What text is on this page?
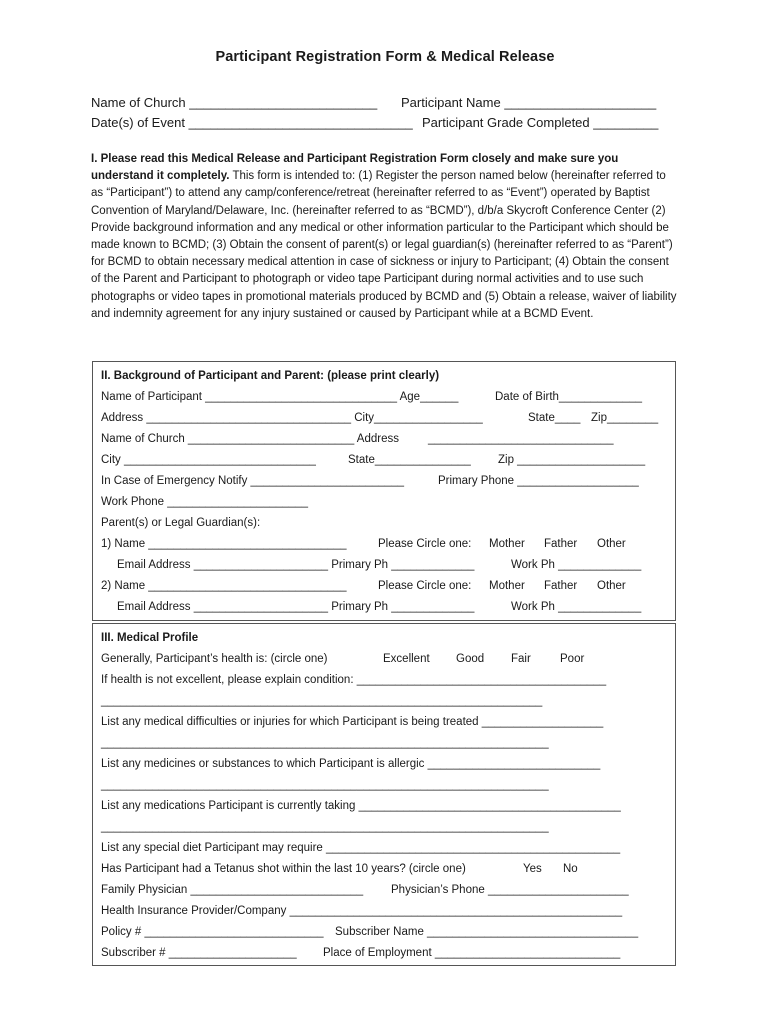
Participant Registration Form & Medical Release
Name of Church __________________________ Participant Name _____________________
Date(s) of Event _______________________________ Participant Grade Completed _________
I. Please read this Medical Release and Participant Registration Form closely and make sure you understand it completely. This form is intended to: (1) Register the person named below (hereinafter referred to as “Participant”) to attend any camp/conference/retreat (hereinafter referred to as “Event”) operated by Baptist Convention of Maryland/Delaware, Inc. (hereinafter referred to as “BCMD”), d/b/a Skycroft Conference Center (2) Provide background information and any medical or other information particular to the Participant which should be made known to BCMD; (3) Obtain the consent of parent(s) or legal guardian(s) (hereinafter referred to as “Parent”) for BCMD to obtain necessary medical attention in case of sickness or injury to Participant; (4) Obtain the consent of the Parent and Participant to photograph or video tape Participant during normal activities and to use such photographs or video tapes in promotional materials produced by BCMD and (5) Obtain a release, waiver of liability and indemnity agreement for any injury sustained or caused by Participant while at a BCMD Event.
II. Background of Participant and Parent: (please print clearly)
Name of Participant ______________________________ Age______	Date of Birth_____________
Address ________________________________ City_________________	State____ Zip________
Name of Church __________________________ Address	_____________________________
City ______________________________	State_______________ Zip ____________________
In Case of Emergency Notify ________________________	Primary Phone ___________________
Work Phone ______________________
Parent(s) or Legal Guardian(s):
1) Name _______________________________	Please Circle one: Mother Father Other
Email Address _____________________ Primary Ph _____________	Work Ph _____________
2) Name _______________________________	Please Circle one: Mother Father Other
Email Address _____________________ Primary Ph _____________	Work Ph _____________
III. Medical Profile
Generally, Participant’s health is: (circle one)	Excellent Good Fair	Poor
If health is not excellent, please explain condition: _______________________________________
_____________________________________________________________________
List any medical difficulties or injuries for which Participant is being treated ___________________
______________________________________________________________________
List any medicines or substances to which Participant is allergic ___________________________
______________________________________________________________________
List any medications Participant is currently taking _________________________________________
______________________________________________________________________
List any special diet Participant may require ______________________________________________
Has Participant had a Tetanus shot within the last 10 years? (circle one)	Yes No
Family Physician ___________________________ Physician’s Phone ______________________
Health Insurance Provider/Company ____________________________________________________
Policy # ____________________________ Subscriber Name _________________________________
Subscriber # ____________________ Place of Employment _____________________________
